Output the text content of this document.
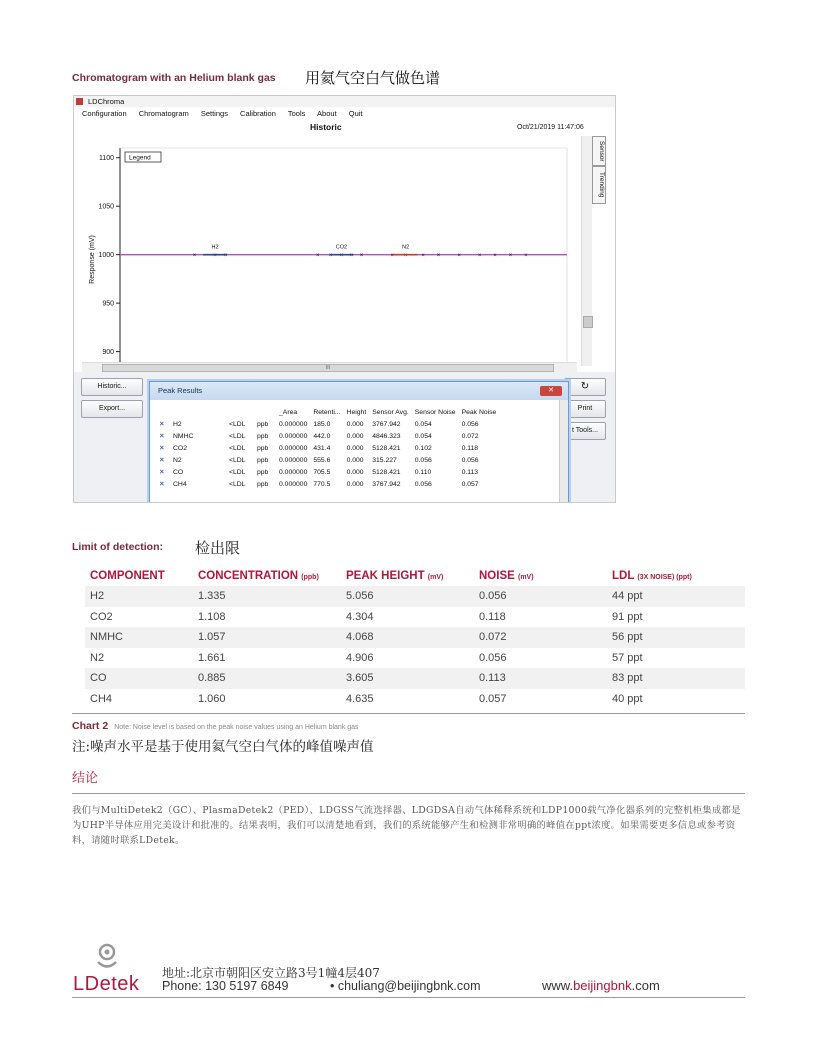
Chromatogram with an Helium blank gas 用氦气空白气做色谱
LDChroma
Configuration Chromatogram Settings Calibration Tools About Quit
Historic	Oct/21/2019 11:47:06
900
950
1000
1050
1100
Response (mV)
Legend
×	× ×	× × × × ×	× × × ×	×	× × × ×
H2	CO2	N2
Sensor
Trending
III
Historic...
Export...
↻
Print
t Tools...
Peak Results	✕
				_Area	Retenti...	Height	Sensor Avg.	Sensor Noise	Peak Noise
✕	H2	<LDL	ppb	0.000000	185.0	0.000	3767.942	0.054	0.056
✕	NMHC	<LDL	ppb	0.000000	442.0	0.000	4846.323	0.054	0.072
✕	CO2	<LDL	ppb	0.000000	431.4	0.000	5128.421	0.102	0.118
✕	N2	<LDL	ppb	0.000000	555.6	0.000	315.227	0.056	0.056
✕	CO	<LDL	ppb	0.000000	705.5	0.000	5128.421	0.110	0.113
✕	CH4	<LDL	ppb	0.000000	770.5	0.000	3767.942	0.056	0.057
Limit of detection: 检出限
COMPONENT	CONCENTRATION (ppb)	PEAK HEIGHT (mV)	NOISE (mV)	LDL (3X NOISE) (ppt)
H2	1.335	5.056	0.056	44 ppt
CO2	1.108	4.304	0.118	91 ppt
NMHC	1.057	4.068	0.072	56 ppt
N2	1.661	4.906	0.056	57 ppt
CO	0.885	3.605	0.113	83 ppt
CH4	1.060	4.635	0.057	40 ppt
Chart 2 Note: Noise level is based on the peak noise values using an Helium blank gas
注:噪声水平是基于使用氦气空白气体的峰值噪声值
结论
我们与MultiDetek2（GC）、PlasmaDetek2（PED）、LDGSS气流选择器、LDGDSA自动气体稀释系统和LDP1000载气净化器系列的完整机柜集成都是为UHP半导体应用完美设计和批准的。结果表明，我们可以清楚地看到，我们的系统能够产生和检测非常明确的峰值在ppt浓度。如果需要更多信息或参考资料，请随时联系LDetek。
LDetek 地址:北京市朝阳区安立路3号1幢4层407
Phone: 130 5197 6849	• chuliang@beijingbnk.com	www.beijingbnk.com
